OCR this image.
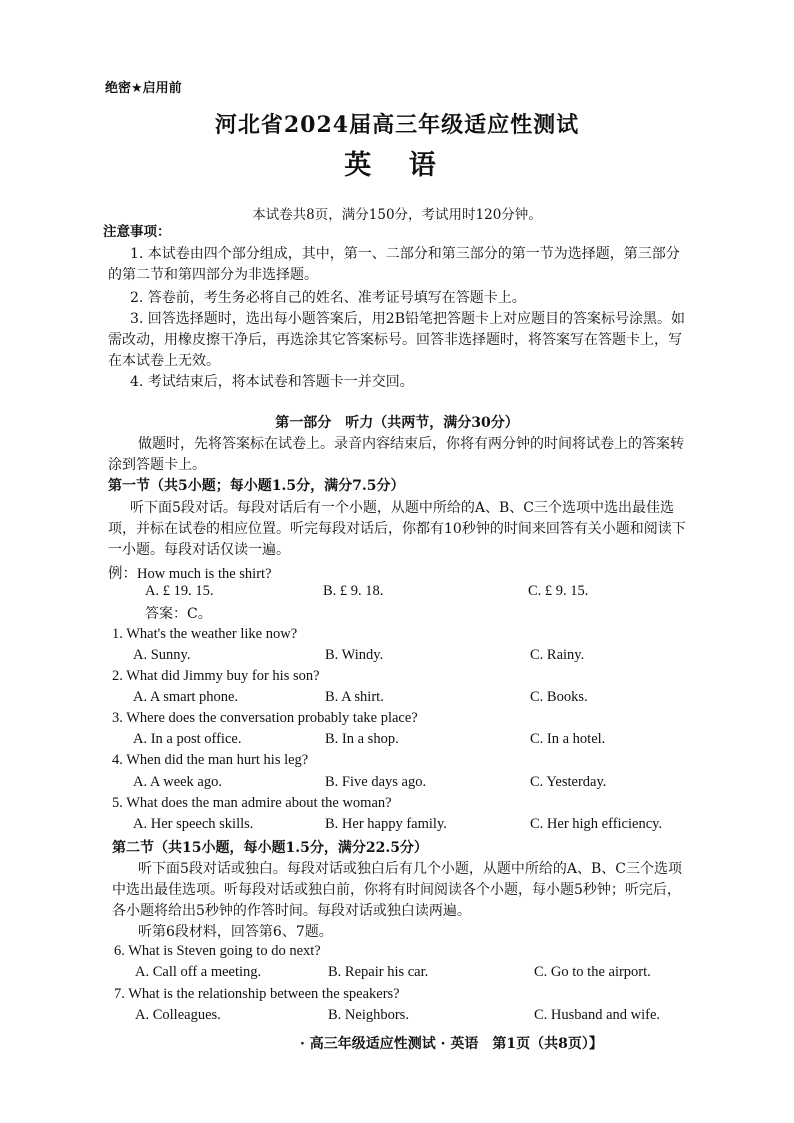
绝密★启用前
河北省2024届高三年级适应性测试
英 语
本试卷共8页，满分150分，考试用时120分钟。
注意事项：
1. 本试卷由四个部分组成，其中，第一、二部分和第三部分的第一节为选择题，第三部分
的第二节和第四部分为非选择题。
2. 答卷前，考生务必将自己的姓名、准考证号填写在答题卡上。
3. 回答选择题时，选出每小题答案后，用2B铅笔把答题卡上对应题目的答案标号涂黑。如
需改动，用橡皮擦干净后，再选涂其它答案标号。回答非选择题时，将答案写在答题卡上，写
在本试卷上无效。
4. 考试结束后，将本试卷和答题卡一并交回。
第一部分　听力（共两节，满分30分）
做题时，先将答案标在试卷上。录音内容结束后，你将有两分钟的时间将试卷上的答案转
涂到答题卡上。
第一节（共5小题；每小题1.5分，满分7.5分）
听下面5段对话。每段对话后有一个小题，从题中所给的A、B、C三个选项中选出最佳选
项，并标在试卷的相应位置。听完每段对话后，你都有10秒钟的时间来回答有关小题和阅读下
一小题。每段对话仅读一遍。
例：How much is the shirt?
A. £ 19. 15.	B. £ 9. 18.	C. £ 9. 15.
答案：C。
1. What's the weather like now?
A. Sunny.	B. Windy.	C. Rainy.
2. What did Jimmy buy for his son?
A. A smart phone.	B. A shirt.	C. Books.
3. Where does the conversation probably take place?
A. In a post office.	B. In a shop.	C. In a hotel.
4. When did the man hurt his leg?
A. A week ago.	B. Five days ago.	C. Yesterday.
5. What does the man admire about the woman?
A. Her speech skills.	B. Her happy family.	C. Her high efficiency.
第二节（共15小题，每小题1.5分，满分22.5分）
听下面5段对话或独白。每段对话或独白后有几个小题，从题中所给的A、B、C三个选项
中选出最佳选项。听每段对话或独白前，你将有时间阅读各个小题，每小题5秒钟；听完后，
各小题将给出5秒钟的作答时间。每段对话或独白读两遍。
听第6段材料，回答第6、7题。
6. What is Steven going to do next?
A. Call off a meeting.	B. Repair his car.	C. Go to the airport.
7. What is the relationship between the speakers?
A. Colleagues.	B. Neighbors.	C. Husband and wife.
· 高三年级适应性测试 · 英语　第1页（共8页）】
